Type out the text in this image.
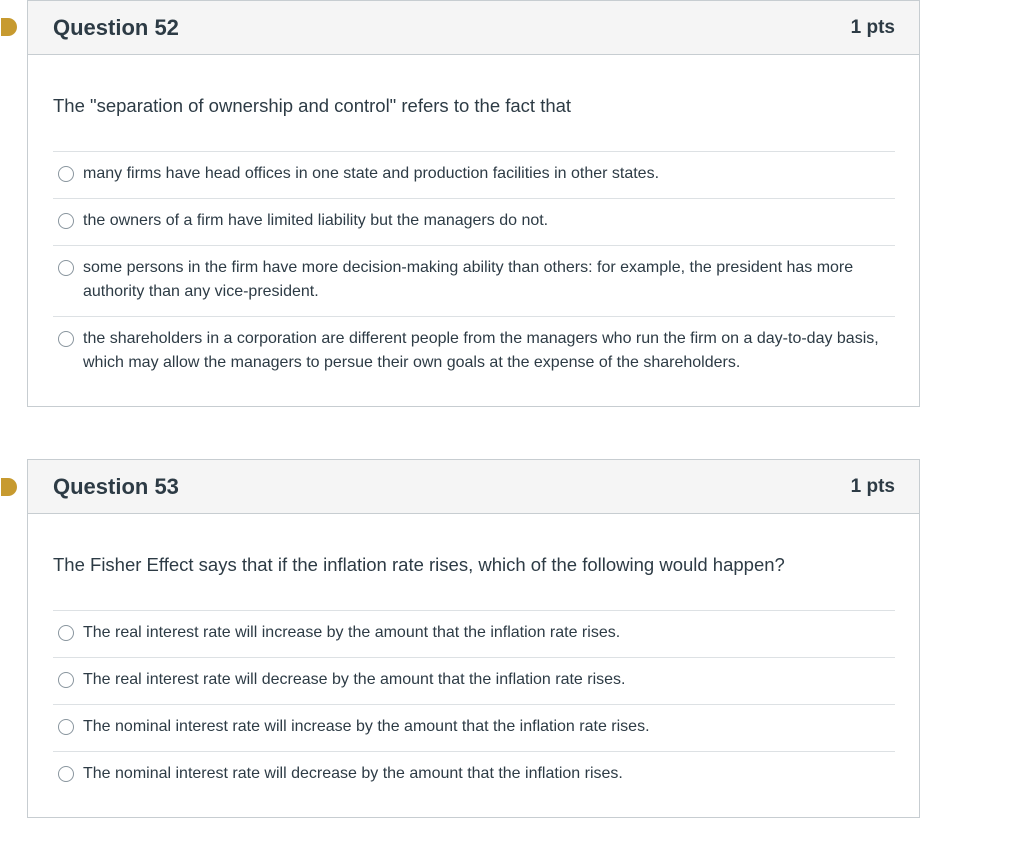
Question 52	1 pts

The "separation of ownership and control" refers to the fact that

many firms have head offices in one state and production facilities in other states.
the owners of a firm have limited liability but the managers do not.
some persons in the firm have more decision-making ability than others: for example, the president has more authority than any vice-president.
the shareholders in a corporation are different people from the managers who run the firm on a day-to-day basis, which may allow the managers to persue their own goals at the expense of the shareholders.
Question 53	1 pts

The Fisher Effect says that if the inflation rate rises, which of the following would happen?

The real interest rate will increase by the amount that the inflation rate rises.
The real interest rate will decrease by the amount that the inflation rate rises.
The nominal interest rate will increase by the amount that the inflation rate rises.
The nominal interest rate will decrease by the amount that the inflation rises.
